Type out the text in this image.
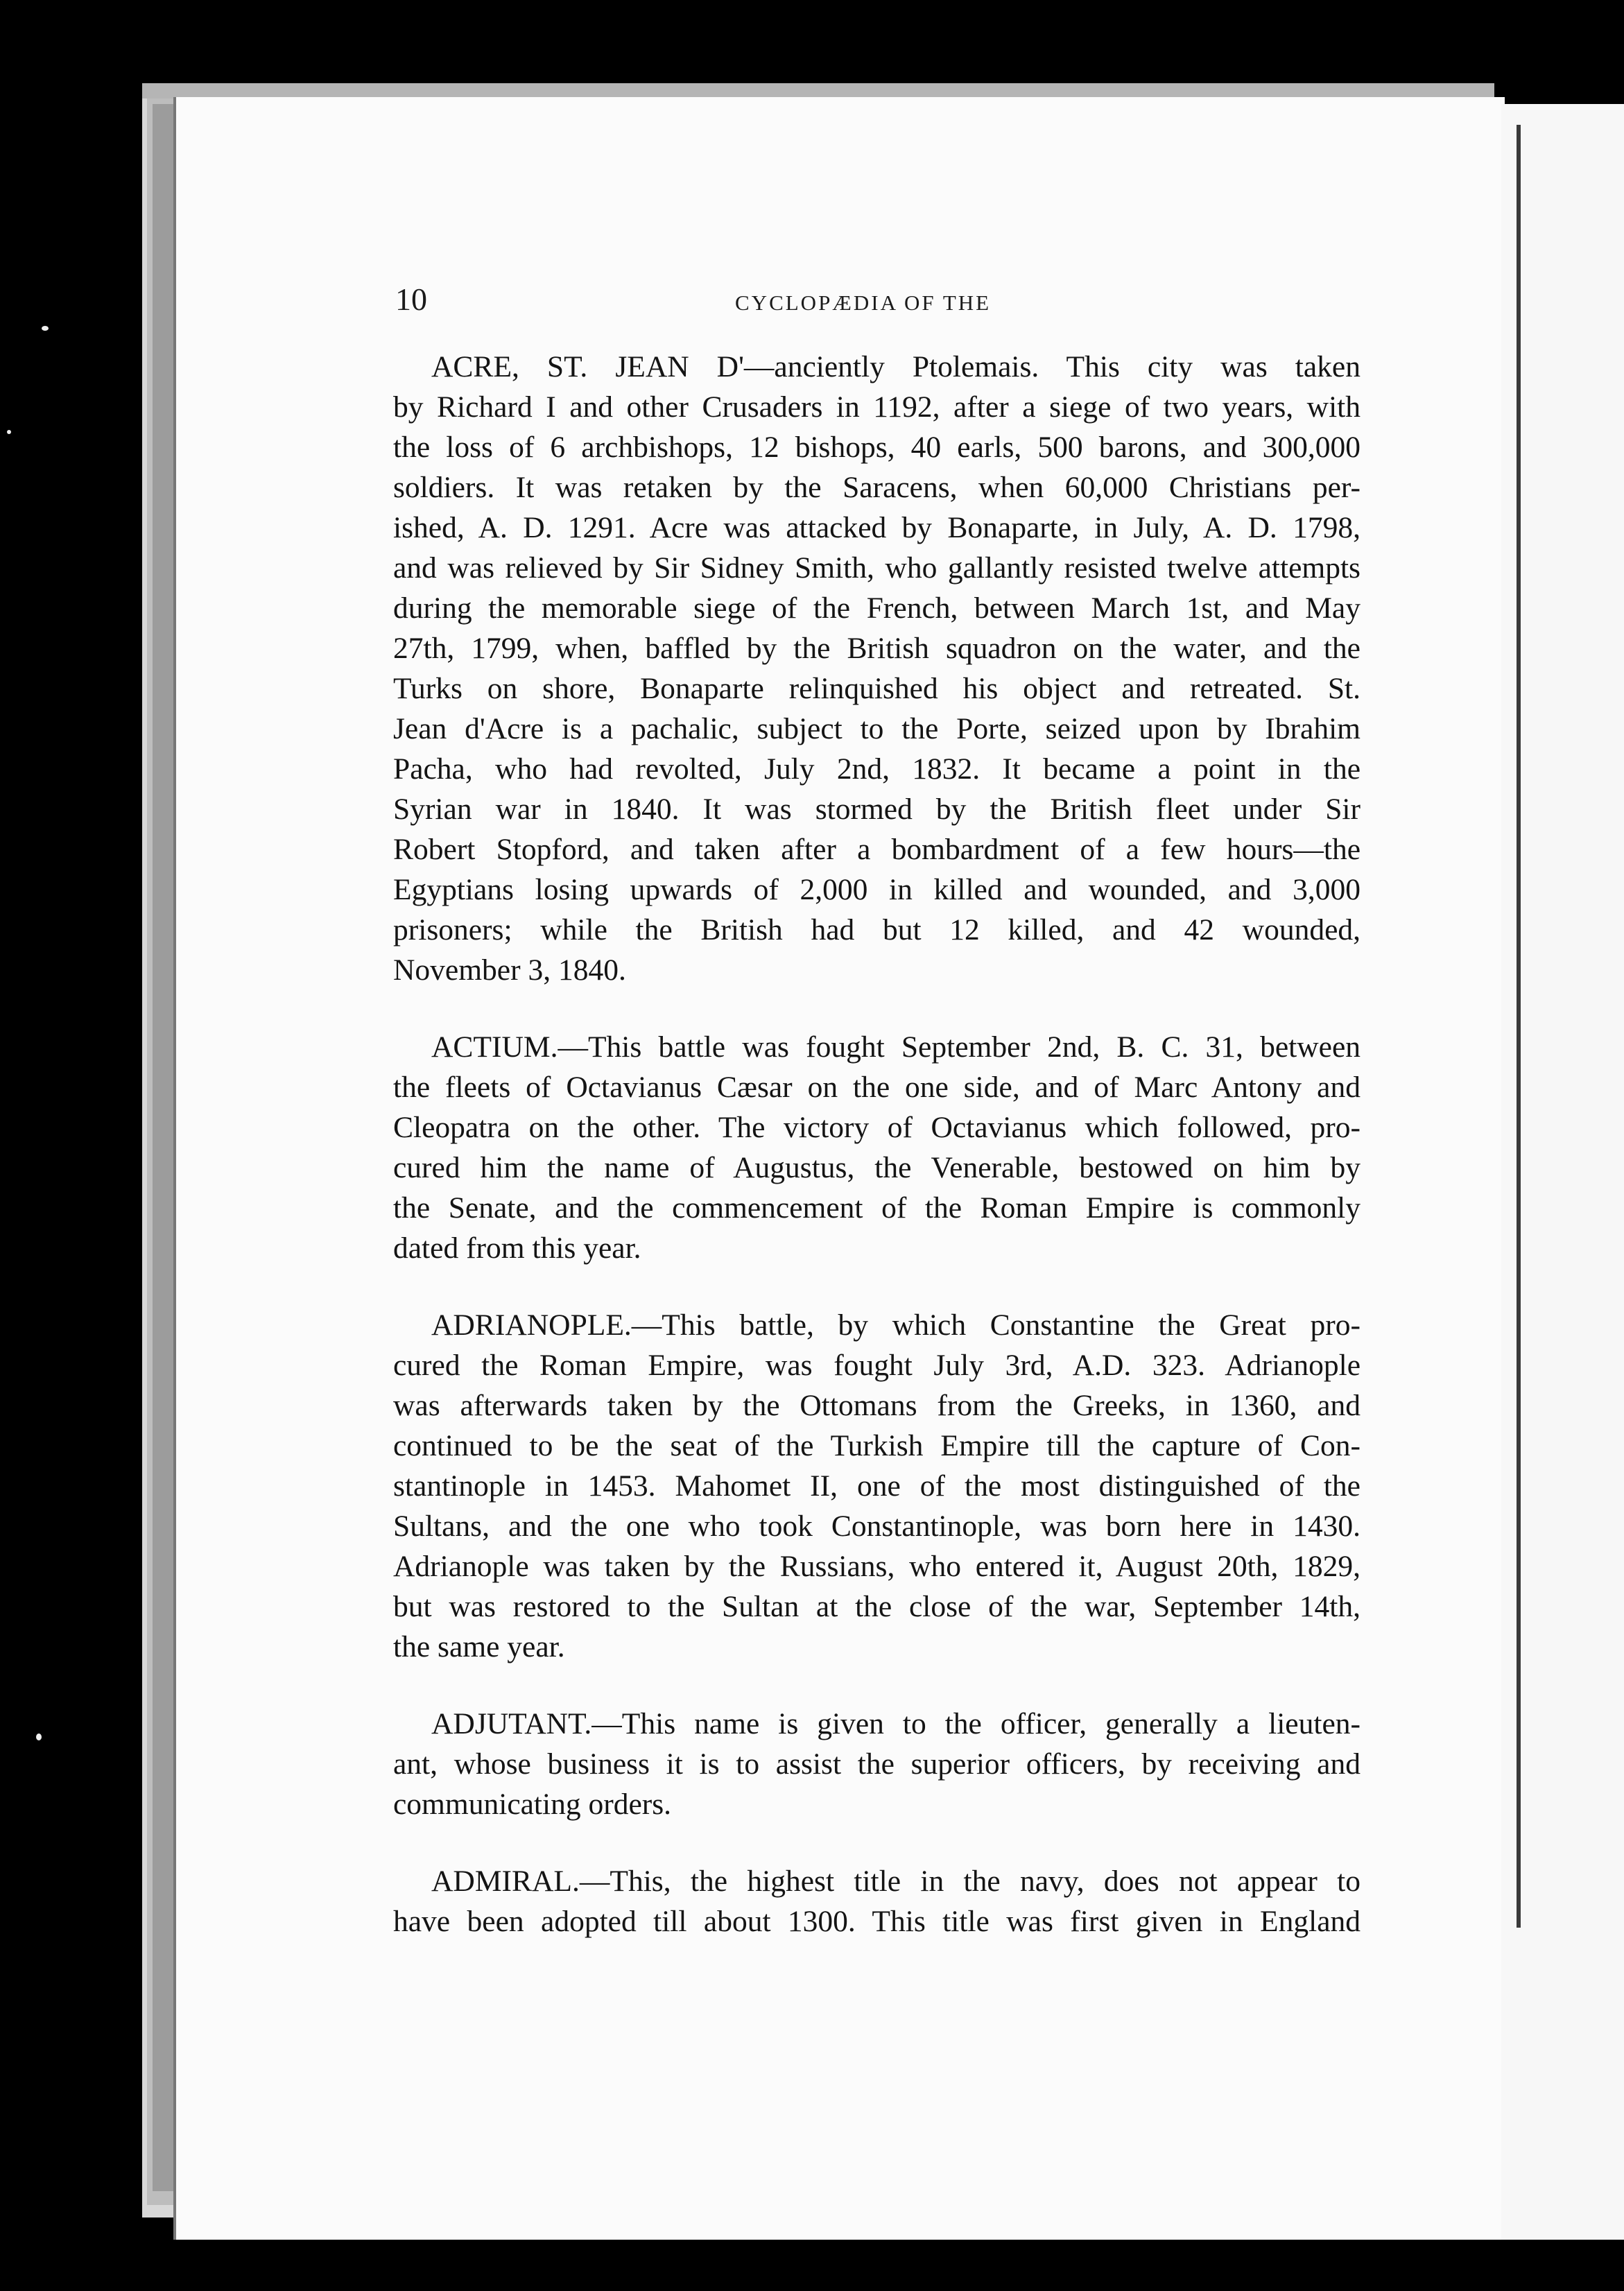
10	CYCLOPÆDIA OF THE
ACRE, ST. JEAN D'—anciently Ptolemais. This city was taken
by Richard I and other Crusaders in 1192, after a siege of two years, with
the loss of 6 archbishops, 12 bishops, 40 earls, 500 barons, and 300,000
soldiers. It was retaken by the Saracens, when 60,000 Christians per-
ished, A. D. 1291. Acre was attacked by Bonaparte, in July, A. D. 1798,
and was relieved by Sir Sidney Smith, who gallantly resisted twelve attempts
during the memorable siege of the French, between March 1st, and May
27th, 1799, when, baffled by the British squadron on the water, and the
Turks on shore, Bonaparte relinquished his object and retreated. St.
Jean d'Acre is a pachalic, subject to the Porte, seized upon by Ibrahim
Pacha, who had revolted, July 2nd, 1832. It became a point in the
Syrian war in 1840. It was stormed by the British fleet under Sir
Robert Stopford, and taken after a bombardment of a few hours—the
Egyptians losing upwards of 2,000 in killed and wounded, and 3,000
prisoners; while the British had but 12 killed, and 42 wounded,
November 3, 1840.
ACTIUM.—This battle was fought September 2nd, B. C. 31, between
the fleets of Octavianus Cæsar on the one side, and of Marc Antony and
Cleopatra on the other. The victory of Octavianus which followed, pro-
cured him the name of Augustus, the Venerable, bestowed on him by
the Senate, and the commencement of the Roman Empire is commonly
dated from this year.
ADRIANOPLE.—This battle, by which Constantine the Great pro-
cured the Roman Empire, was fought July 3rd, A.D. 323. Adrianople
was afterwards taken by the Ottomans from the Greeks, in 1360, and
continued to be the seat of the Turkish Empire till the capture of Con-
stantinople in 1453. Mahomet II, one of the most distinguished of the
Sultans, and the one who took Constantinople, was born here in 1430.
Adrianople was taken by the Russians, who entered it, August 20th, 1829,
but was restored to the Sultan at the close of the war, September 14th,
the same year.
ADJUTANT.—This name is given to the officer, generally a lieuten-
ant, whose business it is to assist the superior officers, by receiving and
communicating orders.
ADMIRAL.—This, the highest title in the navy, does not appear to
have been adopted till about 1300. This title was first given in England
